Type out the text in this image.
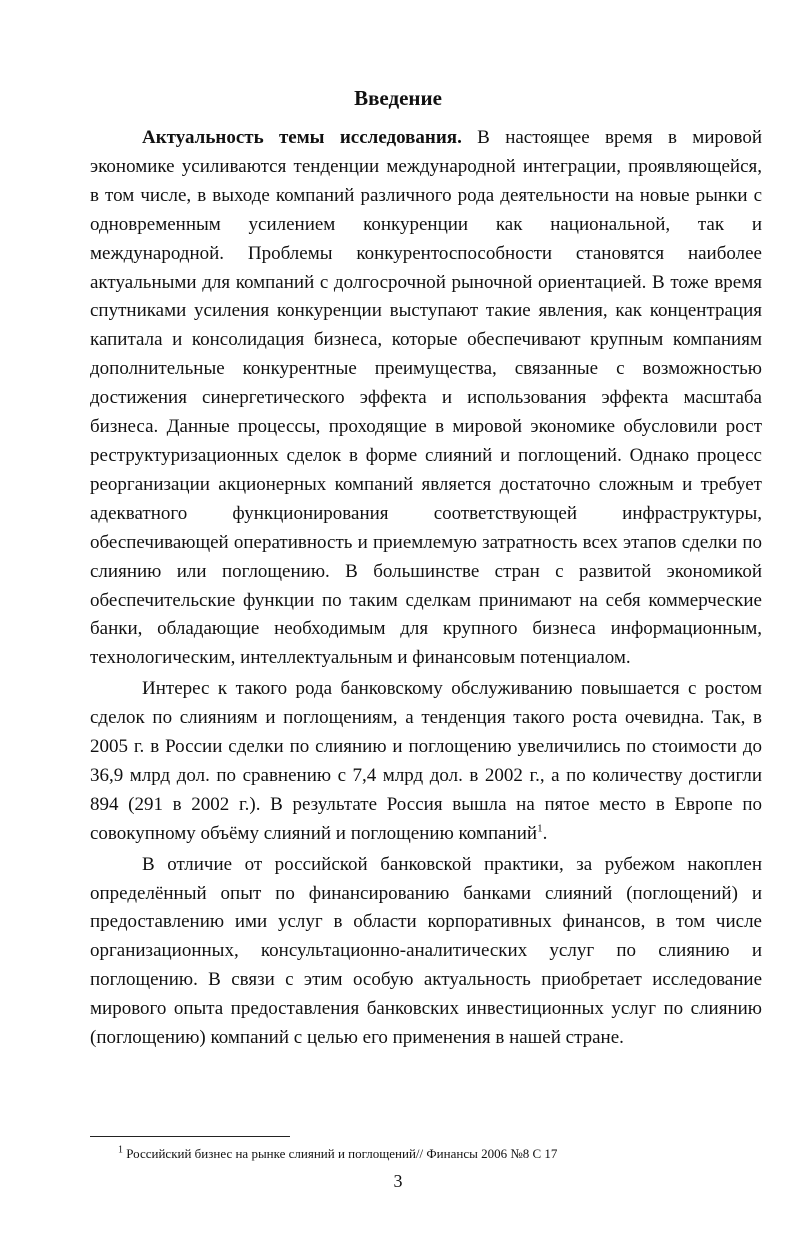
Введение

Актуальность темы исследования. В настоящее время в мировой экономике усиливаются тенденции международной интеграции, проявляющейся, в том числе, в выходе компаний различного рода деятельности на новые рынки с одновременным усилением конкуренции как национальной, так и международной. Проблемы конкурентоспособности становятся наиболее актуальными для компаний с долгосрочной рыночной ориентацией. В тоже время спутниками усиления конкуренции выступают такие явления, как концентрация капитала и консолидация бизнеса, которые обеспечивают крупным компаниям дополнительные конкурентные преимущества, связанные с возможностью достижения синергетического эффекта и использования эффекта масштаба бизнеса. Данные процессы, проходящие в мировой экономике обусловили рост реструктуризационных сделок в форме слияний и поглощений. Однако процесс реорганизации акционерных компаний является достаточно сложным и требует адекватного функционирования соответствующей инфраструктуры, обеспечивающей оперативность и приемлемую затратность всех этапов сделки по слиянию или поглощению. В большинстве стран с развитой экономикой обеспечительские функции по таким сделкам принимают на себя коммерческие банки, обладающие необходимым для крупного бизнеса информационным, технологическим, интеллектуальным и финансовым потенциалом.

Интерес к такого рода банковскому обслуживанию повышается с ростом сделок по слияниям и поглощениям, а тенденция такого роста очевидна. Так, в 2005 г. в России сделки по слиянию и поглощению увеличились по стоимости до 36,9 млрд дол. по сравнению с 7,4 млрд дол. в 2002 г., а по количеству достигли 894 (291 в 2002 г.). В результате Россия вышла на пятое место в Европе по совокупному объёму слияний и поглощению компаний$^1$.

В отличие от российской банковской практики, за рубежом накоплен определённый опыт по финансированию банками слияний (поглощений) и предоставлению ими услуг в области корпоративных финансов, в том числе организационных, консультационно-аналитических услуг по слиянию и поглощению. В связи с этим особую актуальность приобретает исследование мирового опыта предоставления банковских инвестиционных услуг по слиянию (поглощению) компаний с целью его применения в нашей стране.

$^1$ Российский бизнес на рынке слияний и поглощений// Финансы 2006 №8 С 17
3
